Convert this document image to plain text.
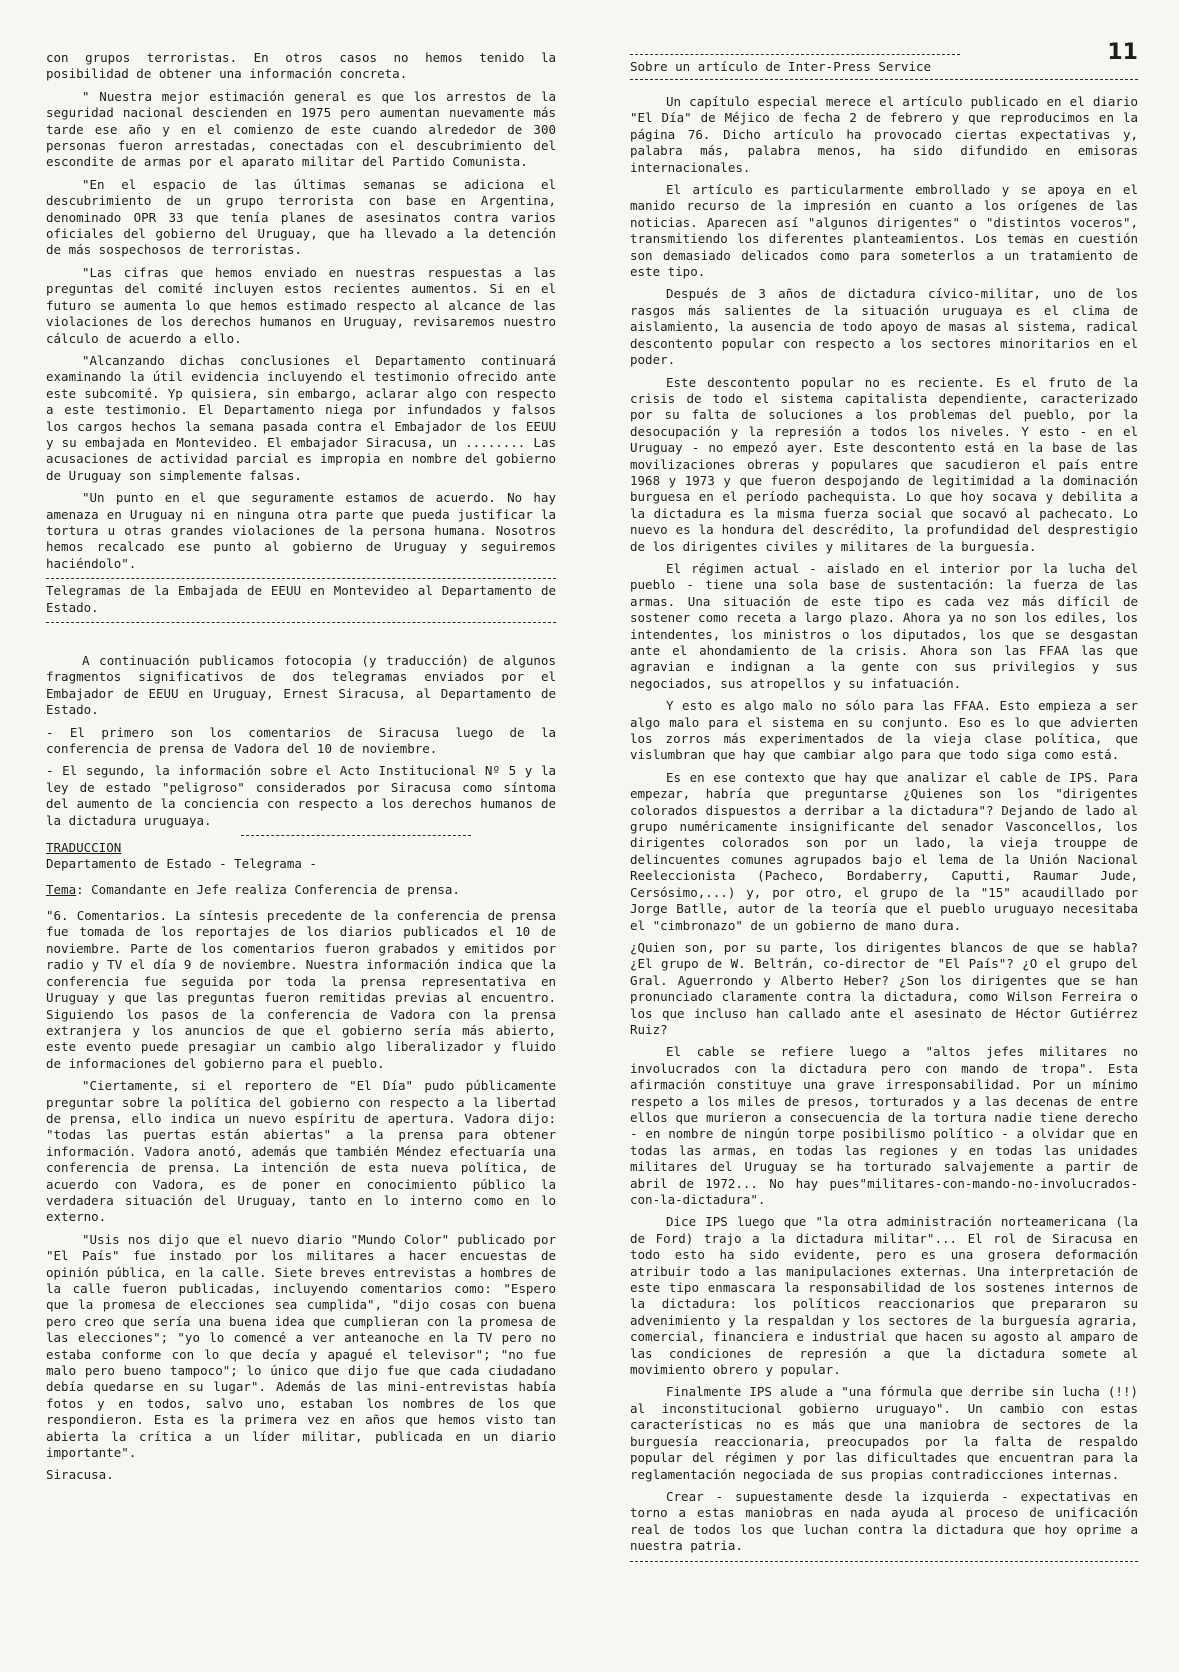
con grupos terroristas. En otros casos no hemos tenido la posibilidad de obtener una información concreta.

" Nuestra mejor estimación general es que los arrestos de la seguridad nacional descienden en 1975 pero aumentan nuevamente más tarde ese año y en el comienzo de este cuando alrededor de 300 personas fueron arrestadas, conectadas con el descubrimiento del escondite de armas por el aparato militar del Partido Comunista.

"En el espacio de las últimas semanas se adiciona el descubrimiento de un grupo terrorista con base en Argentina, denominado OPR 33 que tenía planes de asesinatos contra varios oficiales del gobierno del Uruguay, que ha llevado a la detención de más sospechosos de terroristas.

"Las cifras que hemos enviado en nuestras respuestas a las preguntas del comité incluyen estos recientes aumentos. Si en el futuro se aumenta lo que hemos estimado respecto al alcance de las violaciones de los derechos humanos en Uruguay, revisaremos nuestro cálculo de acuerdo a ello.

"Alcanzando dichas conclusiones el Departamento continuará examinando la útil evidencia incluyendo el testimonio ofrecido ante este subcomité. Yp quisiera, sin embargo, aclarar algo con respecto a este testimonio. El Departamento niega por infundados y falsos los cargos hechos la semana pasada contra el Embajador de los EEUU y su embajada en Montevideo. El embajador Siracusa, un ........ Las acusaciones de actividad parcial es impropia en nombre del gobierno de Uruguay son simplemente falsas.

"Un punto en el que seguramente estamos de acuerdo. No hay amenaza en Uruguay ni en ninguna otra parte que pueda justificar la tortura u otras grandes violaciones de la persona humana. Nosotros hemos recalcado ese punto al gobierno de Uruguay y seguiremos haciéndolo".

Telegramas de la Embajada de EEUU en Montevideo al Departamento de Estado.

A continuación publicamos fotocopia (y traducción) de algunos fragmentos significativos de dos telegramas enviados por el Embajador de EEUU en Uruguay, Ernest Siracusa, al Departamento de Estado.

- El primero son los comentarios de Siracusa luego de la conferencia de prensa de Vadora del 10 de noviembre.

- El segundo, la información sobre el Acto Institucional Nº 5 y la ley de estado "peligroso" considerados por Siracusa como síntoma del aumento de la conciencia con respecto a los derechos humanos de la dictadura uruguaya.

TRADUCCION

Departamento de Estado - Telegrama -

Tema: Comandante en Jefe realiza Conferencia de prensa.

"6. Comentarios. La síntesis precedente de la conferencia de prensa fue tomada de los reportajes de los diarios publicados el 10 de noviembre. Parte de los comentarios fueron grabados y emitidos por radio y TV el día 9 de noviembre. Nuestra información indica que la conferencia fue seguida por toda la prensa representativa en Uruguay y que las preguntas fueron remitidas previas al encuentro. Siguiendo los pasos de la conferencia de Vadora con la prensa extranjera y los anuncios de que el gobierno sería más abierto, este evento puede presagiar un cambio algo liberalizador y fluido de informaciones del gobierno para el pueblo.

"Ciertamente, si el reportero de "El Día" pudo públicamente preguntar sobre la política del gobierno con respecto a la libertad de prensa, ello indica un nuevo espíritu de apertura. Vadora dijo: "todas las puertas están abiertas" a la prensa para obtener información. Vadora anotó, además que también Méndez efectuaría una conferencia de prensa. La intención de esta nueva política, de acuerdo con Vadora, es de poner en conocimiento público la verdadera situación del Uruguay, tanto en lo interno como en lo externo.

"Usis nos dijo que el nuevo diario "Mundo Color" publicado por "El País" fue instado por los militares a hacer encuestas de opinión pública, en la calle. Siete breves entrevistas a hombres de la calle fueron publicadas, incluyendo comentarios como: "Espero que la promesa de elecciones sea cumplida", "dijo cosas con buena pero creo que sería una buena idea que cumplieran con la promesa de las elecciones"; "yo lo comencé a ver anteanoche en la TV pero no estaba conforme con lo que decía y apagué el televisor"; "no fue malo pero bueno tampoco"; lo único que dijo fue que cada ciudadano debía quedarse en su lugar". Además de las mini-entrevistas había fotos y en todos, salvo uno, estaban los nombres de los que respondieron. Esta es la primera vez en años que hemos visto tan abierta la crítica a un líder militar, publicada en un diario importante".

Siracusa.

11

Sobre un artículo de Inter-Press Service

Un capítulo especial merece el artículo publicado en el diario "El Día" de Méjico de fecha 2 de febrero y que reproducimos en la página 76. Dicho artículo ha provocado ciertas expectativas y, palabra más, palabra menos, ha sido difundido en emisoras internacionales.

El artículo es particularmente embrollado y se apoya en el manido recurso de la impresión en cuanto a los orígenes de las noticias. Aparecen así "algunos dirigentes" o "distintos voceros", transmitiendo los diferentes planteamientos. Los temas en cuestión son demasiado delicados como para someterlos a un tratamiento de este tipo.

Después de 3 años de dictadura cívico-militar, uno de los rasgos más salientes de la situación uruguaya es el clima de aislamiento, la ausencia de todo apoyo de masas al sistema, radical descontento popular con respecto a los sectores minoritarios en el poder.

Este descontento popular no es reciente. Es el fruto de la crisis de todo el sistema capitalista dependiente, caracterizado por su falta de soluciones a los problemas del pueblo, por la desocupación y la represión a todos los niveles. Y esto - en el Uruguay - no empezó ayer. Este descontento está en la base de las movilizaciones obreras y populares que sacudieron el país entre 1968 y 1973 y que fueron despojando de legitimidad a la dominación burguesa en el período pachequista. Lo que hoy socava y debilita a la dictadura es la misma fuerza social que socavó al pachecato. Lo nuevo es la hondura del descrédito, la profundidad del desprestigio de los dirigentes civiles y militares de la burguesía.

El régimen actual - aislado en el interior por la lucha del pueblo - tiene una sola base de sustentación: la fuerza de las armas. Una situación de este tipo es cada vez más difícil de sostener como receta a largo plazo. Ahora ya no son los ediles, los intendentes, los ministros o los diputados, los que se desgastan ante el ahondamiento de la crisis. Ahora son las FFAA las que agravian e indignan a la gente con sus privilegios y sus negociados, sus atropellos y su infatuación.

Y esto es algo malo no sólo para las FFAA. Esto empieza a ser algo malo para el sistema en su conjunto. Eso es lo que advierten los zorros más experimentados de la vieja clase política, que vislumbran que hay que cambiar algo para que todo siga como está.

Es en ese contexto que hay que analizar el cable de IPS. Para empezar, habría que preguntarse ¿Quienes son los "dirigentes colorados dispuestos a derribar a la dictadura"? Dejando de lado al grupo numéricamente insignificante del senador Vasconcellos, los dirigentes colorados son por un lado, la vieja trouppe de delincuentes comunes agrupados bajo el lema de la Unión Nacional Reeleccionista (Pacheco, Bordaberry, Caputti, Raumar Jude, Cersósimo,...) y, por otro, el grupo de la "15" acaudillado por Jorge Batlle, autor de la teoría que el pueblo uruguayo necesitaba el "cimbronazo" de un gobierno de mano dura.

¿Quien son, por su parte, los dirigentes blancos de que se habla? ¿El grupo de W. Beltrán, co-director de "El País"? ¿O el grupo del Gral. Aguerrondo y Alberto Heber? ¿Son los dirigentes que se han pronunciado claramente contra la dictadura, como Wilson Ferreira o los que incluso han callado ante el asesinato de Héctor Gutiérrez Ruiz?

El cable se refiere luego a "altos jefes militares no involucrados con la dictadura pero con mando de tropa". Esta afirmación constituye una grave irresponsabilidad. Por un mínimo respeto a los miles de presos, torturados y a las decenas de entre ellos que murieron a consecuencia de la tortura nadie tiene derecho - en nombre de ningún torpe posibilismo político - a olvidar que en todas las armas, en todas las regiones y en todas las unidades militares del Uruguay se ha torturado salvajemente a partir de abril de 1972... No hay pues"militares-con-mando-no-involucrados-con-la-dictadura".

Dice IPS luego que "la otra administración norteamericana (la de Ford) trajo a la dictadura militar"... El rol de Siracusa en todo esto ha sido evidente, pero es una grosera deformación atribuir todo a las manipulaciones externas. Una interpretación de este tipo enmascara la responsabilidad de los sostenes internos de la dictadura: los políticos reaccionarios que prepararon su advenimiento y la respaldan y los sectores de la burguesía agraria, comercial, financiera e industrial que hacen su agosto al amparo de las condiciones de represión a que la dictadura somete al movimiento obrero y popular.

Finalmente IPS alude a "una fórmula que derribe sin lucha (!!) al inconstitucional gobierno uruguayo". Un cambio con estas características no es más que una maniobra de sectores de la burguesía reaccionaria, preocupados por la falta de respaldo popular del régimen y por las dificultades que encuentran para la reglamentación negociada de sus propias contradicciones internas.

Crear - supuestamente desde la izquierda - expectativas en torno a estas maniobras en nada ayuda al proceso de unificación real de todos los que luchan contra la dictadura que hoy oprime a nuestra patria.
